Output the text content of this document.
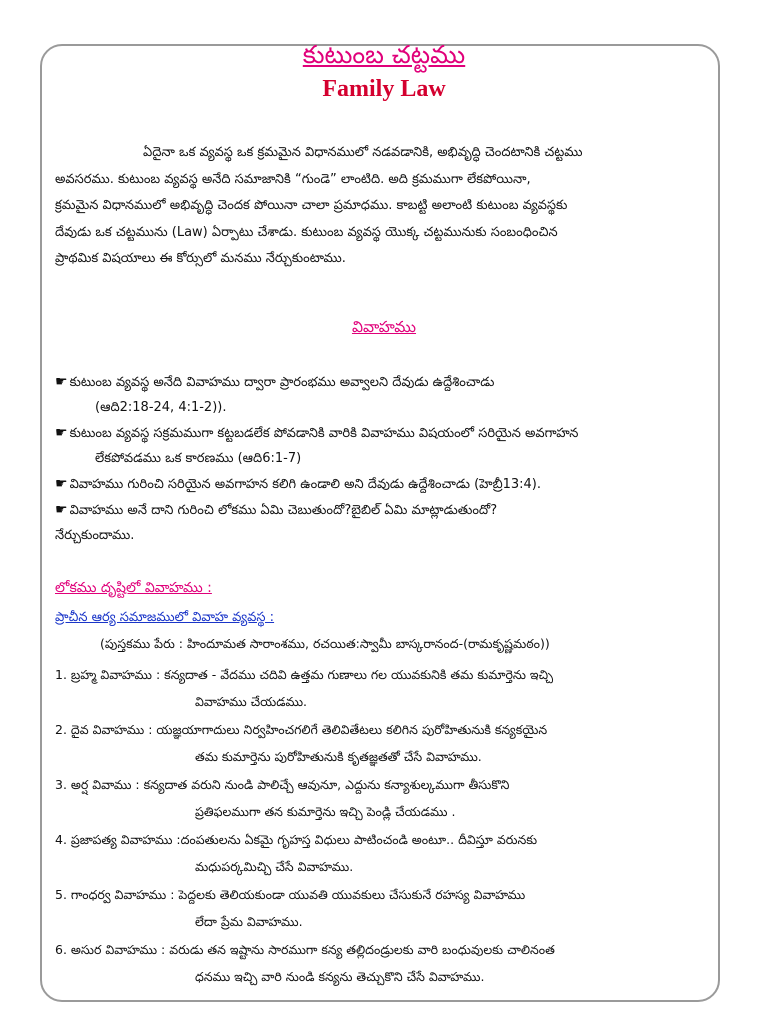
కుటుంబ చట్టము
Family Law
ఏదైనా ఒక వ్యవస్థ ఒక క్రమమైన విధానములో నడవడానికి, అభివృద్ధి చెందటానికి చట్టము
అవసరము. కుటుంబ వ్యవస్థ అనేది సమాజానికి “గుండె” లాంటిది. అది క్రమముగా లేకపోయినా,
క్రమమైన విధానములో అభివృద్ధి చెందక పోయినా చాలా ప్రమాధము. కాబట్టి అలాంటి కుటుంబ వ్యవస్థకు
దేవుడు ఒక చట్టమును (Law) ఏర్పాటు చేశాడు. కుటుంబ వ్యవస్థ యొక్క చట్టమునుకు సంబంధించిన
ప్రాథమిక విషయాలు ఈ కోర్సులో మనము నేర్చుకుంటాము.
వివాహము
☛ కుటుంబ వ్యవస్థ అనేది వివాహము ద్వారా ప్రారంభము అవ్వాలని దేవుడు ఉద్దేశించాడు
(ఆది2:18-24, 4:1-2)).
☛ కుటుంబ వ్యవస్థ సక్రమముగా కట్టబడలేక పోవడానికి వారికి వివాహము విషయంలో సరియైన అవగాహన
లేకపోవడము ఒక కారణము (ఆది6:1-7)
☛ వివాహము గురించి సరియైన అవగాహన కలిగి ఉండాలి అని దేవుడు ఉద్దేశించాడు (హెబ్రీ13:4).
☛ వివాహము అనే దాని గురించి లోకము ఏమి చెబుతుందో?బైబిల్ ఏమి మాట్లాడుతుందో?
నేర్చుకుందాము.
లోకము దృష్టిలో వివాహము :
ప్రాచీన ఆర్య సమాజములో వివాహ వ్యవస్థ :
(పుస్తకము పేరు : హిందూమత సారాంశము, రచయిత:స్వామీ బాస్కరానంద-(రామకృష్ణమఠం))
1. బ్రహ్మ వివాహము : కన్యదాత - వేదము చదివి ఉత్తమ గుణాలు గల యువకునికి తమ కుమార్తెను ఇచ్చి
వివాహము చేయడము.
2. దైవ వివాహము : యజ్ఞయాగాదులు నిర్వహించగలిగే తెలివితేటలు కలిగిన పురోహితునుకి కన్యకయైన
తమ కుమార్తెను పురోహితునుకి కృతజ్ఞతతో చేసే వివాహము.
3. అర్ష వివాము : కన్యదాత వరుని నుండి పాలిచ్చే ఆవునూ, ఎద్దును కన్యాశుల్కముగా తీసుకొని
ప్రతిఫలముగా తన కుమార్తెను ఇచ్చి పెండ్లి చేయడము .
4. ప్రజాపత్య వివాహము :దంపతులను ఏకమై గృహస్త విధులు పాటించండి అంటూ.. దీవిస్తూ వరునకు
మధుపర్కమిచ్చి చేసే వివాహము.
5. గాంధర్వ వివాహము : పెద్దలకు తెలియకుండా యువతి యువకులు చేసుకునే రహస్య వివాహము
లేదా ప్రేమ వివాహము.
6. అసుర వివాహము : వరుడు తన ఇష్టాను సారముగా కన్య తల్లిదండ్రులకు వారి బంధువులకు చాలినంత
ధనము ఇచ్చి వారి నుండి కన్యను తెచ్చుకొని చేసే వివాహము.
